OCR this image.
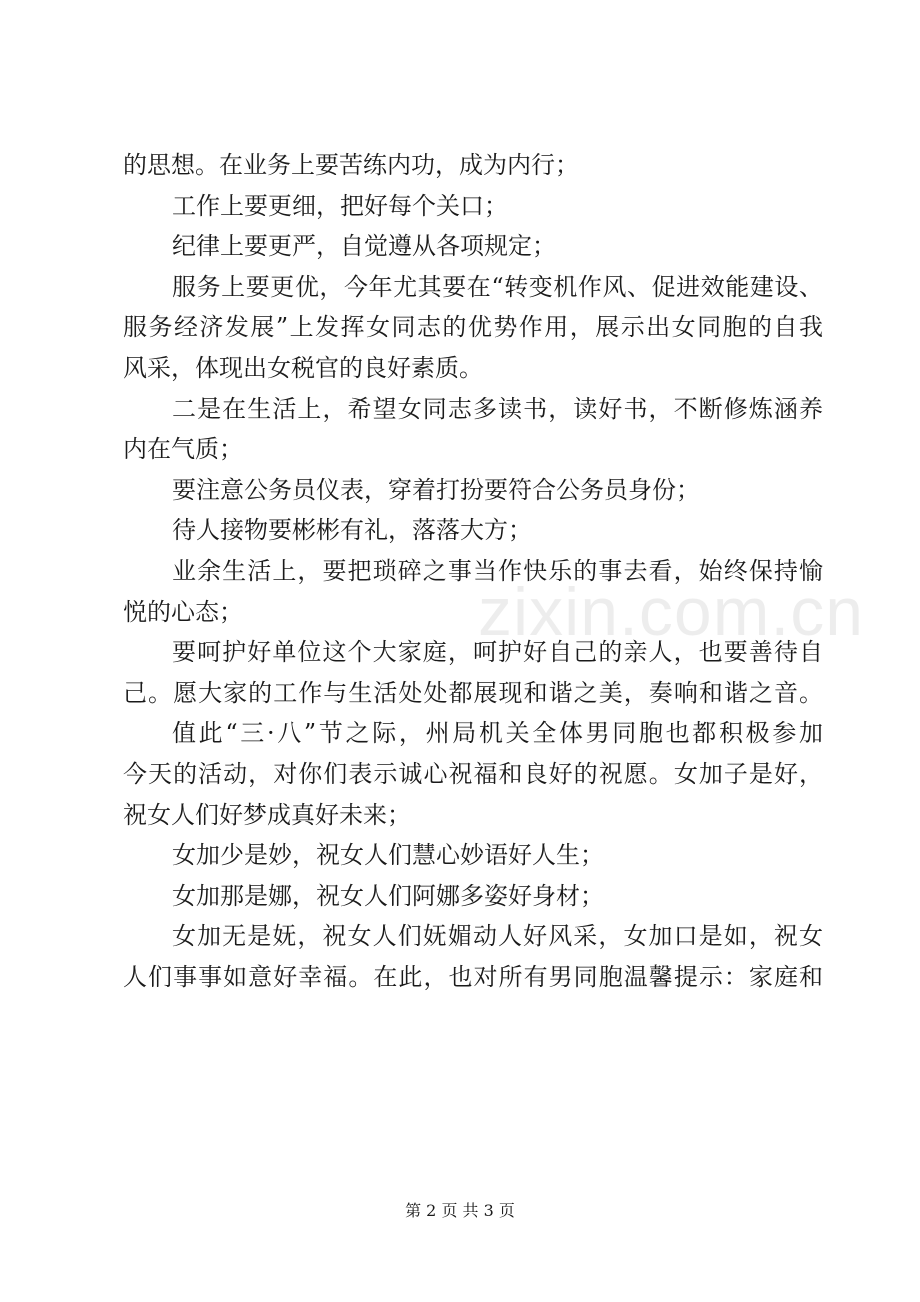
zixin.com.cn
的思想。在业务上要苦练内功，成为内行；
工作上要更细，把好每个关口；
纪律上要更严，自觉遵从各项规定；
服务上要更优，今年尤其要在“转变机作风、促进效能建设、
服务经济发展”上发挥女同志的优势作用，展示出女同胞的自我
风采，体现出女税官的良好素质。
二是在生活上，希望女同志多读书，读好书，不断修炼涵养
内在气质；
要注意公务员仪表，穿着打扮要符合公务员身份；
待人接物要彬彬有礼，落落大方；
业余生活上，要把琐碎之事当作快乐的事去看，始终保持愉
悦的心态；
要呵护好单位这个大家庭，呵护好自己的亲人，也要善待自
己。愿大家的工作与生活处处都展现和谐之美，奏响和谐之音。
值此“三·八”节之际，州局机关全体男同胞也都积极参加
今天的活动，对你们表示诚心祝福和良好的祝愿。女加子是好，
祝女人们好梦成真好未来；
女加少是妙，祝女人们慧心妙语好人生；
女加那是娜，祝女人们阿娜多姿好身材；
女加无是妩，祝女人们妩媚动人好风采，女加口是如，祝女
人们事事如意好幸福。在此，也对所有男同胞温馨提示：家庭和
第 2 页 共 3 页
